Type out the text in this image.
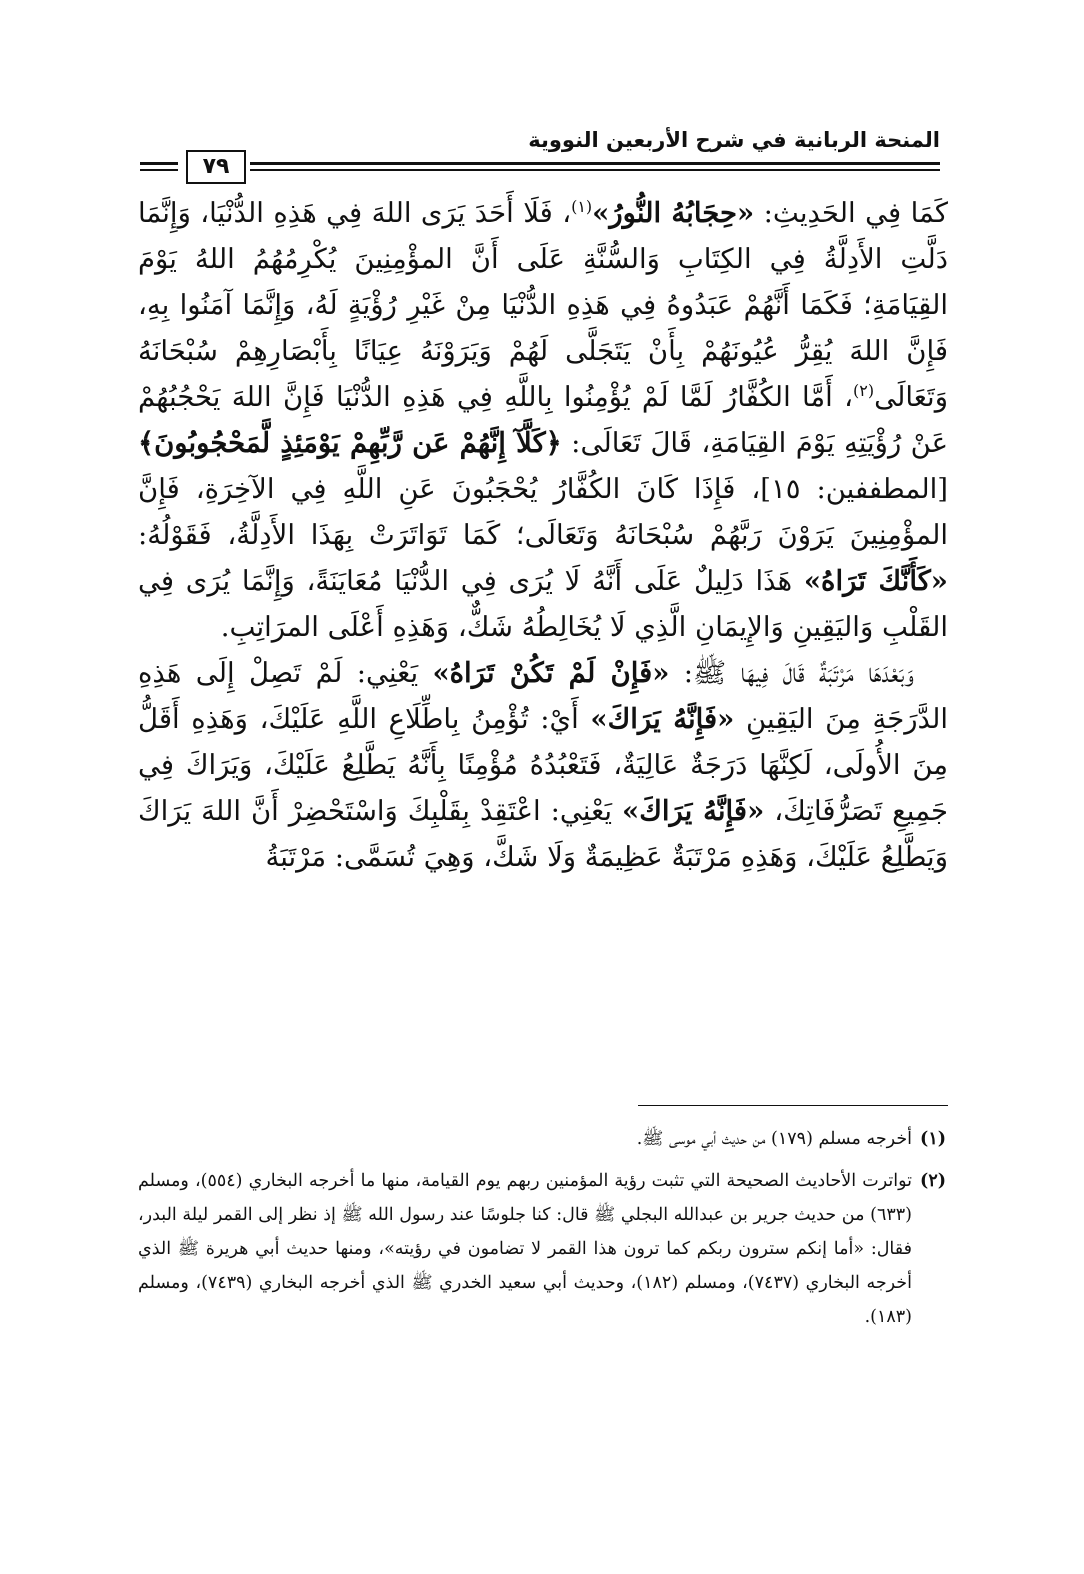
المنحة الربانية في شرح الأربعين النووية
٧٩

كَمَا فِي الحَدِيثِ: «حِجَابُهُ النُّورُ»$^{(١)}$، فَلَا أَحَدَ يَرَى اللهَ فِي هَذِهِ الدُّنْيَا، وَإِنَّمَا دَلَّتِ الأَدِلَّةُ فِي الكِتَابِ وَالسُّنَّةِ عَلَى أَنَّ المؤْمِنِينَ يُكْرِمُهُمُ اللهُ يَوْمَ القِيَامَةِ؛ فَكَمَا أَنَّهُمْ عَبَدُوهُ فِي هَذِهِ الدُّنْيَا مِنْ غَيْرِ رُؤْيَةٍ لَهُ، وَإِنَّمَا آمَنُوا بِهِ، فَإِنَّ اللهَ يُقِرُّ عُيُونَهُمْ بِأَنْ يَتَجَلَّى لَهُمْ وَيَرَوْنَهُ عِيَانًا بِأَبْصَارِهِمْ سُبْحَانَهُ وَتَعَالَى$^{(٢)}$، أَمَّا الكُفَّارُ لَمَّا لَمْ يُؤْمِنُوا بِاللَّهِ فِي هَذِهِ الدُّنْيَا فَإِنَّ اللهَ يَحْجُبُهُمْ عَنْ رُؤْيَتِهِ يَوْمَ القِيَامَةِ، قَالَ تَعَالَى: ﴿كَلَّآ إِنَّهُمْ عَن رَّبِّهِمْ يَوْمَئِذٍ لَّمَحْجُوبُونَ﴾ [المطففين: ١٥]، فَإِذَا كَانَ الكُفَّارُ يُحْجَبُونَ عَنِ اللَّهِ فِي الآخِرَةِ، فَإِنَّ المؤْمِنِينَ يَرَوْنَ رَبَّهُمْ سُبْحَانَهُ وَتَعَالَى؛ كَمَا تَوَاتَرَتْ بِهَذَا الأَدِلَّةُ، فَقَوْلُهُ: «كَأَنَّكَ تَرَاهُ» هَذَا دَلِيلٌ عَلَى أَنَّهُ لَا يُرَى فِي الدُّنْيَا مُعَايَنَةً، وَإِنَّمَا يُرَى فِي القَلْبِ وَاليَقِينِ وَالإِيمَانِ الَّذِي لَا يُخَالِطُهُ شَكٌّ، وَهَذِهِ أَعْلَى المرَاتِبِ.

وَبَعْدَهَا مَرْتَبَةٌ قَالَ فِيهَا ﷺ: «فَإِنْ لَمْ تَكُنْ تَرَاهُ» يَعْنِي: لَمْ تَصِلْ إِلَى هَذِهِ الدَّرَجَةِ مِنَ اليَقِينِ «فَإِنَّهُ يَرَاكَ» أَيْ: تُؤْمِنُ بِاطِّلَاعِ اللَّهِ عَلَيْكَ، وَهَذِهِ أَقَلُّ مِنَ الأُولَى، لَكِنَّهَا دَرَجَةٌ عَالِيَةٌ، فَتَعْبُدُهُ مُؤْمِنًا بِأَنَّهُ يَطَّلِعُ عَلَيْكَ، وَيَرَاكَ فِي جَمِيعِ تَصَرُّفَاتِكَ، «فَإِنَّهُ يَرَاكَ» يَعْنِي: اعْتَقِدْ بِقَلْبِكَ وَاسْتَحْضِرْ أَنَّ اللهَ يَرَاكَ وَيَطَّلِعُ عَلَيْكَ، وَهَذِهِ مَرْتَبَةٌ عَظِيمَةٌ وَلَا شَكَّ، وَهِيَ تُسَمَّى: مَرْتَبَةُ

(١)
أخرجه مسلم (١٧٩) من حديث أبي موسى ﷺ.

(٢)
تواترت الأحاديث الصحيحة التي تثبت رؤية المؤمنين ربهم يوم القيامة، منها ما أخرجه البخاري (٥٥٤)، ومسلم (٦٣٣) من حديث جرير بن عبدالله البجلي ﷺ قال: كنا جلوسًا عند رسول الله ﷺ إذ نظر إلى القمر ليلة البدر، فقال: «أما إنكم سترون ربكم كما ترون هذا القمر لا تضامون في رؤيته»، ومنها حديث أبي هريرة ﷺ الذي أخرجه البخاري (٧٤٣٧)، ومسلم (١٨٢)، وحديث أبي سعيد الخدري ﷺ الذي أخرجه البخاري (٧٤٣٩)، ومسلم (١٨٣).
